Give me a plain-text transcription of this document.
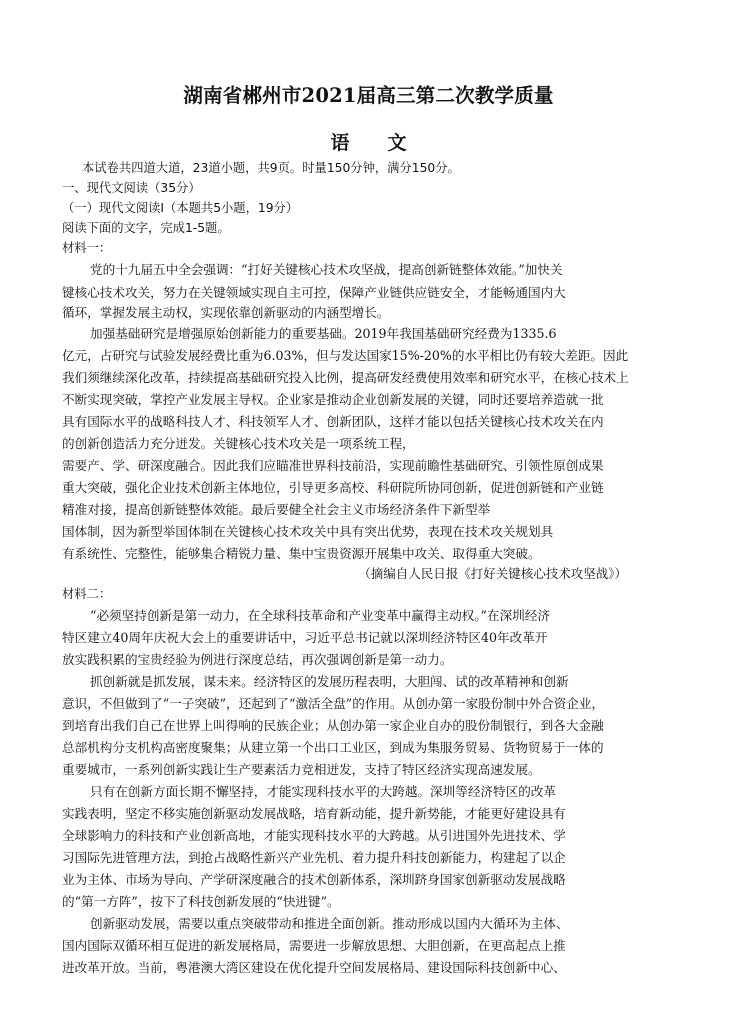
湖南省郴州市2021届高三第二次教学质量
语　　文
本试卷共四道大道，23道小题，共9页。时量150分钟，满分150分。
一、现代文阅读（35分）
（一）现代文阅读Ⅰ（本题共5小题，19分）
阅读下面的文字，完成1-5题。
材料一：
党的十九届五中全会强调：“打好关键核心技术攻坚战，提高创新链整体效能。”加快关
键核心技术攻关，努力在关键领域实现自主可控，保障产业链供应链安全，才能畅通国内大
循环，掌握发展主动权，实现依靠创新驱动的内涵型增长。
加强基础研究是增强原始创新能力的重要基础。2019年我国基础研究经费为1335.6
亿元，占研究与试验发展经费比重为6.03%，但与发达国家15%-20%的水平相比仍有较大差距。因此
我们须继续深化改革，持续提高基础研究投入比例，提高研发经费使用效率和研究水平，在核心技术上
不断实现突破，掌控产业发展主导权。企业家是推动企业创新发展的关键，同时还要培养造就一批
具有国际水平的战略科技人才、科技领军人才、创新团队，这样才能以包括关键核心技术攻关在内
的创新创造活力充分迸发。关键核心技术攻关是一项系统工程，
需要产、学、研深度融合。因此我们应瞄准世界科技前沿，实现前瞻性基础研究、引领性原创成果
重大突破，强化企业技术创新主体地位，引导更多高校、科研院所协同创新，促进创新链和产业链
精准对接，提高创新链整体效能。最后要健全社会主义市场经济条件下新型举
国体制，因为新型举国体制在关键核心技术攻关中具有突出优势，表现在技术攻关规划具
有系统性、完整性，能够集合精锐力量、集中宝贵资源开展集中攻关、取得重大突破。
（摘编自人民日报《打好关键核心技术攻坚战》）
材料二：
“必须坚持创新是第一动力，在全球科技革命和产业变革中赢得主动权。”在深圳经济
特区建立40周年庆祝大会上的重要讲话中，习近平总书记就以深圳经济特区40年改革开
放实践积累的宝贵经验为例进行深度总结，再次强调创新是第一动力。
抓创新就是抓发展，谋未来。经济特区的发展历程表明，大胆闯、试的改革精神和创新
意识，不但做到了“一子突破”，还起到了“激活全盘”的作用。从创办第一家股份制中外合资企业，
到培育出我们自己在世界上叫得响的民族企业；从创办第一家企业自办的股份制银行，到各大金融
总部机构分支机构高密度聚集；从建立第一个出口工业区，到成为集服务贸易、货物贸易于一体的
重要城市，一系列创新实践让生产要素活力竞相迸发，支持了特区经济实现高速发展。
只有在创新方面长期不懈坚持，才能实现科技水平的大跨越。深圳等经济特区的改革
实践表明，坚定不移实施创新驱动发展战略，培育新动能，提升新势能，才能更好建设具有
全球影响力的科技和产业创新高地，才能实现科技水平的大跨越。从引进国外先进技术、学
习国际先进管理方法，到抢占战略性新兴产业先机、着力提升科技创新能力，构建起了以企
业为主体、市场为导向、产学研深度融合的技术创新体系，深圳跻身国家创新驱动发展战略
的“第一方阵”，按下了科技创新发展的“快进键”。
创新驱动发展，需要以重点突破带动和推进全面创新。推动形成以国内大循环为主体、
国内国际双循环相互促进的新发展格局，需要进一步解放思想、大胆创新，在更高起点上推
进改革开放。当前，粤港澳大湾区建设在优化提升空间发展格局、建设国际科技创新中心、
